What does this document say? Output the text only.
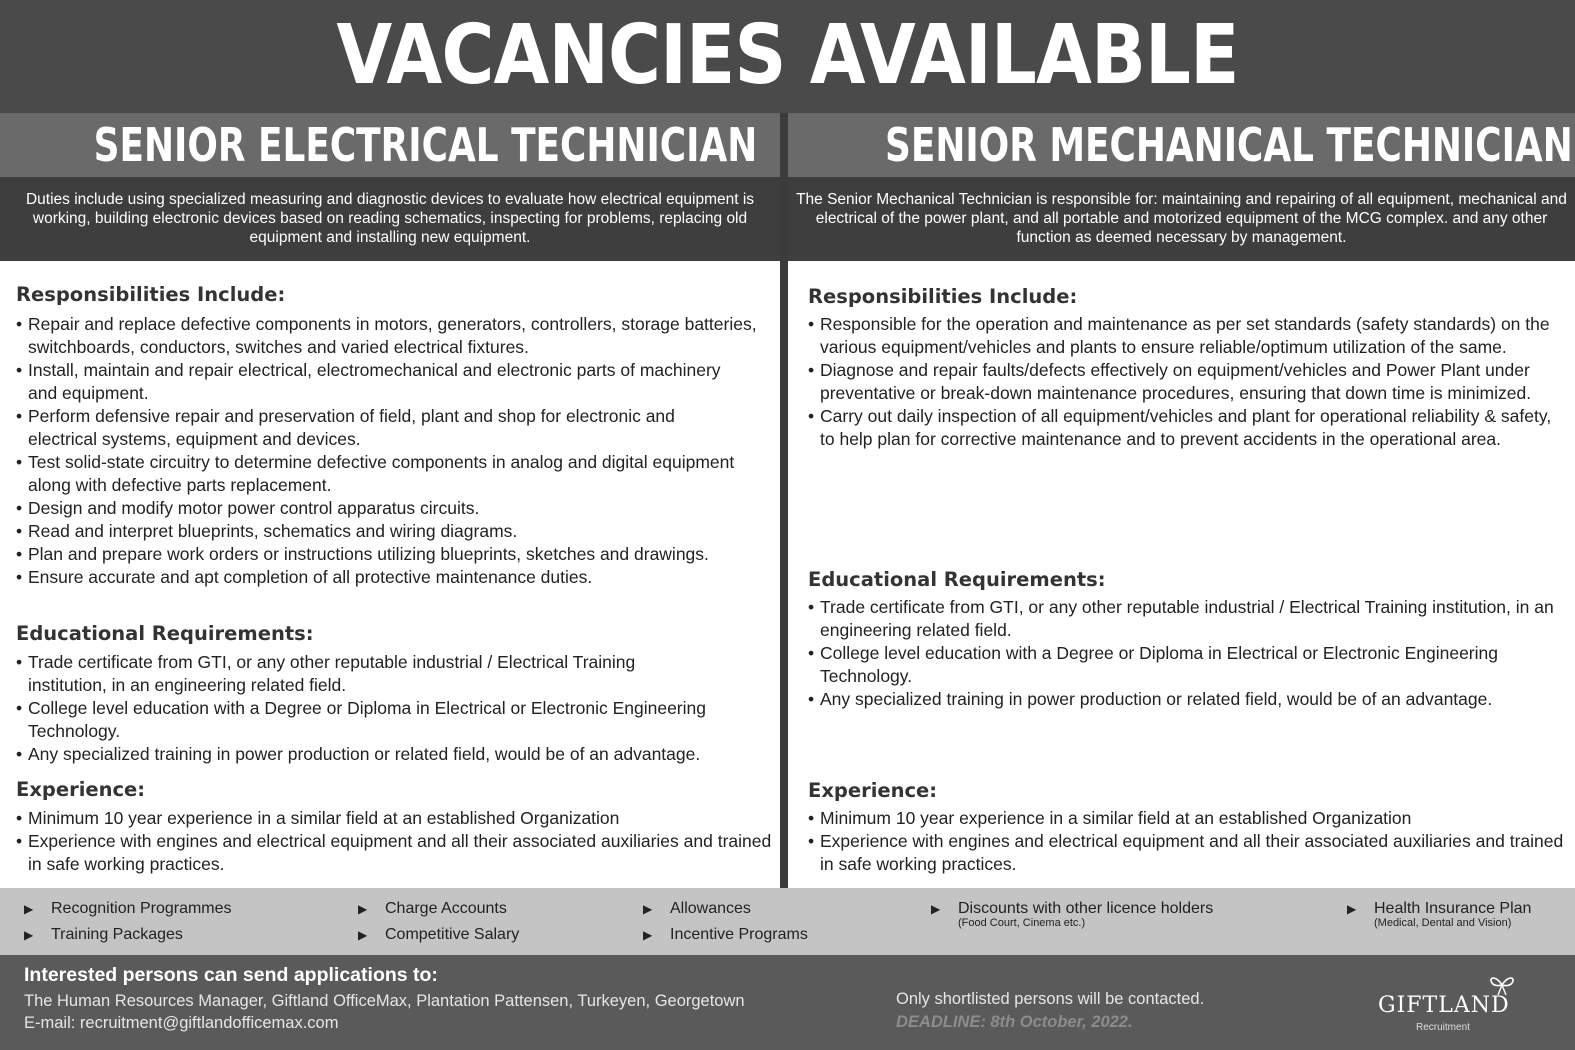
VACANCIES AVAILABLE
SENIOR ELECTRICAL TECHNICIAN	SENIOR MECHANICAL TECHNICIAN
Duties include using specialized measuring and diagnostic devices to evaluate how electrical equipment is working, building electronic devices based on reading schematics, inspecting for problems, replacing old equipment and installing new equipment.
The Senior Mechanical Technician is responsible for: maintaining and repairing of all equipment, mechanical and electrical of the power plant, and all portable and motorized equipment of the MCG complex. and any other function as deemed necessary by management.
Responsibilities Include:
• Repair and replace defective components in motors, generators, controllers, storage batteries, switchboards, conductors, switches and varied electrical fixtures.
• Install, maintain and repair electrical, electromechanical and electronic parts of machinery and equipment.
• Perform defensive repair and preservation of field, plant and shop for electronic and electrical systems, equipment and devices.
• Test solid-state circuitry to determine defective components in analog and digital equipment along with defective parts replacement.
• Design and modify motor power control apparatus circuits.
• Read and interpret blueprints, schematics and wiring diagrams.
• Plan and prepare work orders or instructions utilizing blueprints, sketches and drawings.
• Ensure accurate and apt completion of all protective maintenance duties.
Educational Requirements:
• Trade certificate from GTI, or any other reputable industrial / Electrical Training institution, in an engineering related field.
• College level education with a Degree or Diploma in Electrical or Electronic Engineering Technology.
• Any specialized training in power production or related field, would be of an advantage.
Experience:
• Minimum 10 year experience in a similar field at an established Organization
• Experience with engines and electrical equipment and all their associated auxiliaries and trained in safe working practices.
Responsibilities Include:
• Responsible for the operation and maintenance as per set standards (safety standards) on the various equipment/vehicles and plants to ensure reliable/optimum utilization of the same.
• Diagnose and repair faults/defects effectively on equipment/vehicles and Power Plant under preventative or break-down maintenance procedures, ensuring that down time is minimized.
• Carry out daily inspection of all equipment/vehicles and plant for operational reliability & safety, to help plan for corrective maintenance and to prevent accidents in the operational area.
Educational Requirements:
• Trade certificate from GTI, or any other reputable industrial / Electrical Training institution, in an engineering related field.
• College level education with a Degree or Diploma in Electrical or Electronic Engineering Technology.
• Any specialized training in power production or related field, would be of an advantage.
Experience:
• Minimum 10 year experience in a similar field at an established Organization
• Experience with engines and electrical equipment and all their associated auxiliaries and trained in safe working practices.
▶ Recognition Programmes
▶ Training Packages
▶ Charge Accounts
▶ Competitive Salary
▶ Allowances
▶ Incentive Programs
▶ Discounts with other licence holders
(Food Court, Cinema etc.)
▶ Health Insurance Plan
(Medical, Dental and Vision)
Interested persons can send applications to:
The Human Resources Manager, Giftland OfficeMax, Plantation Pattensen, Turkeyen, Georgetown
E-mail: recruitment@giftlandofficemax.com
Only shortlisted persons will be contacted.
DEADLINE: 8th October, 2022.
GIFTLAND
Recruitment
